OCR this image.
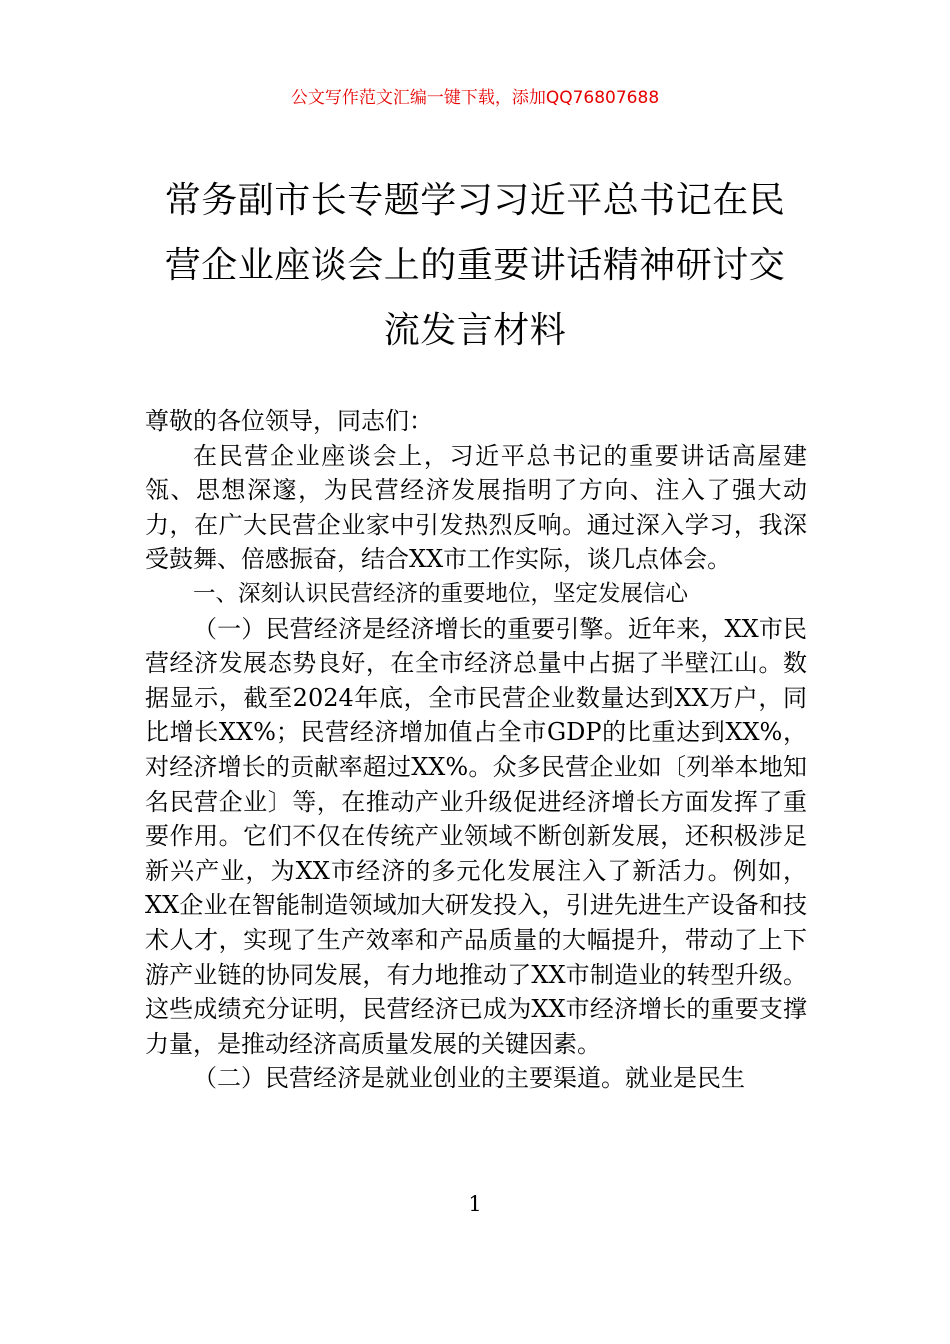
公文写作范文汇编一键下载，添加QQ76807688
常务副市长专题学习习近平总书记在民营企业座谈会上的重要讲话精神研讨交流发言材料

尊敬的各位领导，同志们：

在民营企业座谈会上，习近平总书记的重要讲话高屋建瓴、思想深邃，为民营经济发展指明了方向、注入了强大动力，在广大民营企业家中引发热烈反响。通过深入学习，我深受鼓舞、倍感振奋，结合XX市工作实际，谈几点体会。

一、深刻认识民营经济的重要地位，坚定发展信心

（一）民营经济是经济增长的重要引擎。近年来，XX市民营经济发展态势良好，在全市经济总量中占据了半壁江山。数据显示，截至2024年底，全市民营企业数量达到XX万户，同比增长XX%；民营经济增加值占全市GDP的比重达到XX%，对经济增长的贡献率超过XX%。众多民营企业如〔列举本地知名民营企业〕等，在推动产业升级促进经济增长方面发挥了重要作用。它们不仅在传统产业领域不断创新发展，还积极涉足新兴产业，为XX市经济的多元化发展注入了新活力。例如，XX企业在智能制造领域加大研发投入，引进先进生产设备和技术人才，实现了生产效率和产品质量的大幅提升，带动了上下游产业链的协同发展，有力地推动了XX市制造业的转型升级。这些成绩充分证明，民营经济已成为XX市经济增长的重要支撑力量，是推动经济高质量发展的关键因素。

（二）民营经济是就业创业的主要渠道。就业是民生

1
